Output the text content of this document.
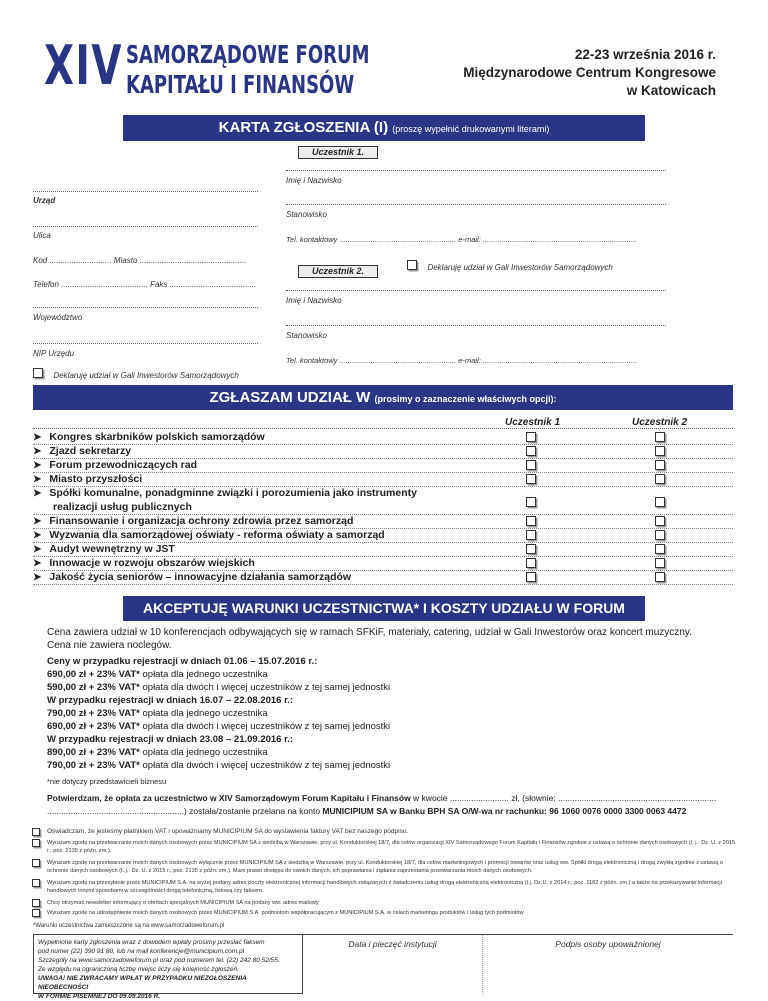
XIV SAMORZĄDOWE FORUM
KAPITAŁU I FINANSÓW
22-23 września 2016 r.
Międzynarodowe Centrum Kongresowe
w Katowicach
KARTA ZGŁOSZENIA (I) (proszę wypełnić drukowanymi literami)
Urząd
Ulica
Kod ............................ Miasto ................................................
Telefon ....................................... Faks .......................................
Województwo
NIP Urzędu
Deklaruję udział w Gali Inwestorów Samorządowych
Uczestnik 1.
Imię i Nazwisko
Stanowisko
Tel. kontaktowy ........................................................ e-mail: ..........................................................................
Deklaruję udział w Gali Inwestorów Samorządowych
Uczestnik 2.
Imię i Nazwisko
Stanowisko
Tel. kontaktowy ........................................................ e-mail: ..........................................................................
ZGŁASZAM UDZIAŁ W (prosimy o zaznaczenie właściwych opcji):
Uczestnik 1	Uczestnik 2
➤ Kongres skarbników polskich samorządów
➤ Zjazd sekretarzy
➤ Forum przewodniczących rad
➤ Miasto przyszłości
➤ Spółki komunalne, ponadgminne związki i porozumienia jako instrumenty
realizacji usług publicznych
➤ Finansowanie i organizacja ochrony zdrowia przez samorząd
➤ Wyzwania dla samorządowej oświaty - reforma oświaty a samorząd
➤ Audyt wewnętrzny w JST
➤ Innowacje w rozwoju obszarów wiejskich
➤ Jakość życia seniorów – innowacyjne działania samorządów
AKCEPTUJĘ WARUNKI UCZESTNICTWA* I KOSZTY UDZIAŁU W FORUM
Cena zawiera udział w 10 konferencjach odbywających się w ramach SFKiF, materiały, catering, udział w Gali Inwestorów oraz koncert muzyczny.
Cena nie zawiera noclegów.
Ceny w przypadku rejestracji w dniach 01.06 – 15.07.2016 r.:
690,00 zł + 23% VAT* opłata dla jednego uczestnika
590,00 zł + 23% VAT* opłata dla dwóch i więcej uczestników z tej samej jednostki
W przypadku rejestracji w dniach 16.07 – 22.08.2016 r.:
790,00 zł + 23% VAT* opłata dla jednego uczestnika
690,00 zł + 23% VAT* opłata dla dwóch i więcej uczestników z tej samej jednostki
W przypadku rejestracji w dniach 23.08 – 21.09.2016 r.:
890,00 zł + 23% VAT* opłata dla jednego uczestnika
790,00 zł + 23% VAT* opłata dla dwóch i więcej uczestników z tej samej jednostki
*nie dotyczy przedstawicieli biznesu
Potwierdzam, że opłata za uczestnictwo w XIV Samorządowym Forum Kapitału i Finansów w kwocie ......................... zł, (słownie: ...................................................................
..........................................................) została/zostanie przelana na konto MUNICIPIUM SA w Banku BPH SA O/W-wa nr rachunku: 96 1060 0076 0000 3300 0063 4472
Oświadczam, że jesteśmy płatnikiem VAT i upoważniamy MUNICIPIUM SA do wystawienia faktury VAT bez naszego podpisu.
Wyrażam zgodę na przetwarzanie moich danych osobowych przez MUNICIPIUM SA z siedzibą w Warszawie, przy ul. Konduktorskiej 18/7, dla celów organizacji XIV Samorządowego Forum Kapitału i Finansów zgodnie z ustawą o ochronie danych osobowych (t. j.: Dz. U. z 2015 r., poz. 2135 z późn. zm.).
Wyrażam zgodę na przetwarzanie moich danych osobowych wyłącznie przez MUNICIPIUM SA z siedzibą w Warszawie, przy ul. Konduktorskiej 18/7, dla celów marketingowych i promocji towarów oraz usług ww. Spółki drogą elektroniczną i drogą zwykłą zgodnie z ustawą o ochronie danych osobowych (t. j.: Dz. U. z 2015 r., poz. 2135 z późn. zm.). Mam prawo dostępu do swoich danych, ich poprawiania i żądania zaprzestania przetwarzania moich danych osobowych.
Wyrażam zgodę na przesyłanie przez MUNICIPIUM S.A. na wyżej podany adres poczty elektronicznej informacji handlowych związanych z świadczeniu usług drogą elektroniczną elektroniczną (t.j. Dz.U. z 2014 r., poz. 1182 z późn. zm.) a także na przekazywanie informacji handlowych innymi sposobami w szczególności drogą telefoniczną, listową czy faksem.
Chcę otrzymać newsletter informujący o ofertach specjalnych MUNICIPIUM SA na podany ww. adres mailowy
Wyrażam zgodę na udostępnienie moich danych osobowych przez MUNICIPIUM S.A. podmiotom współpracującym z MUNICIPIUM S.A. w celach marketingu produktów i usług tych podmiotów
*Warunki uczestnictwa zamieszczone są na www.samorzadoweforum.pl
Wypełnione karty zgłoszenia wraz z dowodem wpłaty prosimy przesłać faksem
pod numer (22) 390 91 80, lub na mail konferencje@municipium.com.pl
Szczegóły na www.samorzadoweforum.pl oraz pod numerem tel. (22) 242 80 52/55.
Ze względu na ograniczoną liczbę miejsc liczy się kolejność zgłoszeń.
UWAGA! NIE ZWRACAMY WPŁAT W PRZYPADKU NIEZGŁOSZENIA NIEOBECNOŚCI
W FORMIE PISEMNEJ DO 09.09.2016 R.
Data i pieczęć instytucji	Podpis osoby upoważnionej
